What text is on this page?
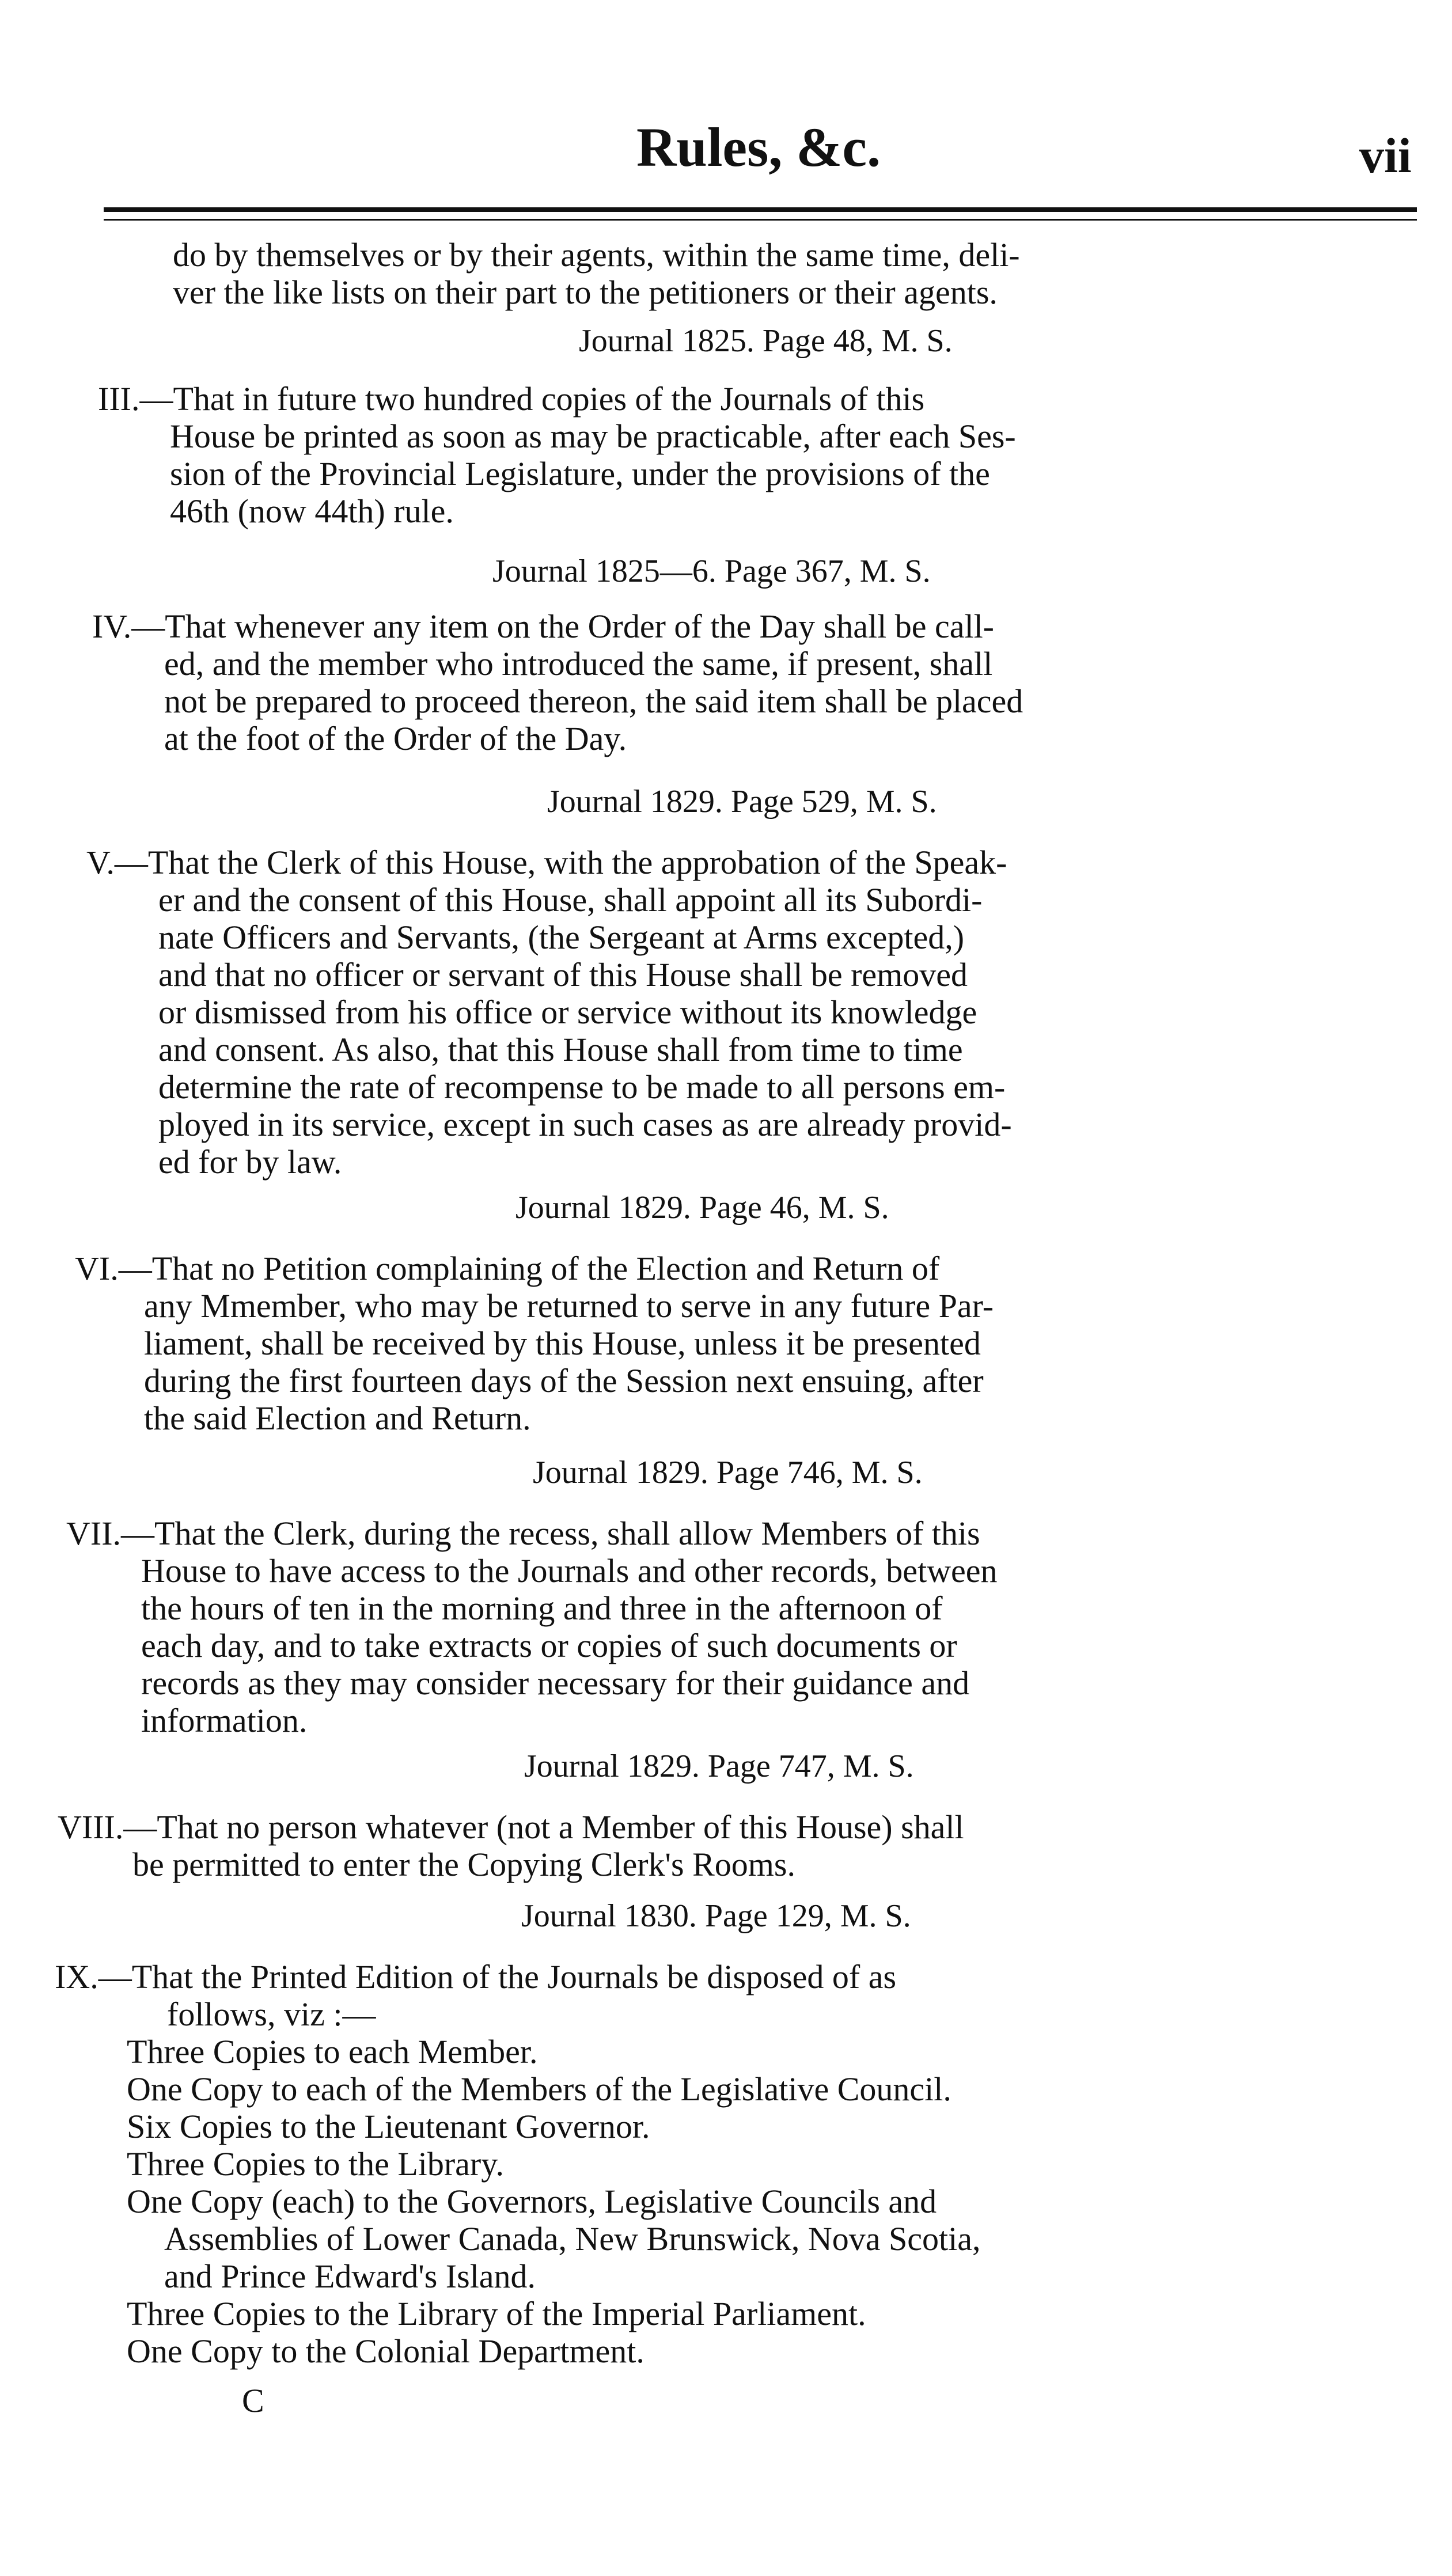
Rules, &c.	vii
do by themselves or by their agents, within the same time, deli-
ver the like lists on their part to the petitioners or their agents.
Journal 1825. Page 48, M. S.
III.—That in future two hundred copies of the Journals of this
House be printed as soon as may be practicable, after each Ses-
sion of the Provincial Legislature, under the provisions of the
46th (now 44th) rule.
Journal 1825—6. Page 367, M. S.
IV.—That whenever any item on the Order of the Day shall be call-
ed, and the member who introduced the same, if present, shall
not be prepared to proceed thereon, the said item shall be placed
at the foot of the Order of the Day.
Journal 1829. Page 529, M. S.
V.—That the Clerk of this House, with the approbation of the Speak-
er and the consent of this House, shall appoint all its Subordi-
nate Officers and Servants, (the Sergeant at Arms excepted,)
and that no officer or servant of this House shall be removed
or dismissed from his office or service without its knowledge
and consent. As also, that this House shall from time to time
determine the rate of recompense to be made to all persons em-
ployed in its service, except in such cases as are already provid-
ed for by law.
Journal 1829. Page 46, M. S.
VI.—That no Petition complaining of the Election and Return of
any Mmember, who may be returned to serve in any future Par-
liament, shall be received by this House, unless it be presented
during the first fourteen days of the Session next ensuing, after
the said Election and Return.
Journal 1829. Page 746, M. S.
VII.—That the Clerk, during the recess, shall allow Members of this
House to have access to the Journals and other records, between
the hours of ten in the morning and three in the afternoon of
each day, and to take extracts or copies of such documents or
records as they may consider necessary for their guidance and
information.
Journal 1829. Page 747, M. S.
VIII.—That no person whatever (not a Member of this House) shall
be permitted to enter the Copying Clerk's Rooms.
Journal 1830. Page 129, M. S.
IX.—That the Printed Edition of the Journals be disposed of as
follows, viz :—
Three Copies to each Member.
One Copy to each of the Members of the Legislative Council.
Six Copies to the Lieutenant Governor.
Three Copies to the Library.
One Copy (each) to the Governors, Legislative Councils and
Assemblies of Lower Canada, New Brunswick, Nova Scotia,
and Prince Edward's Island.
Three Copies to the Library of the Imperial Parliament.
One Copy to the Colonial Department.
C
